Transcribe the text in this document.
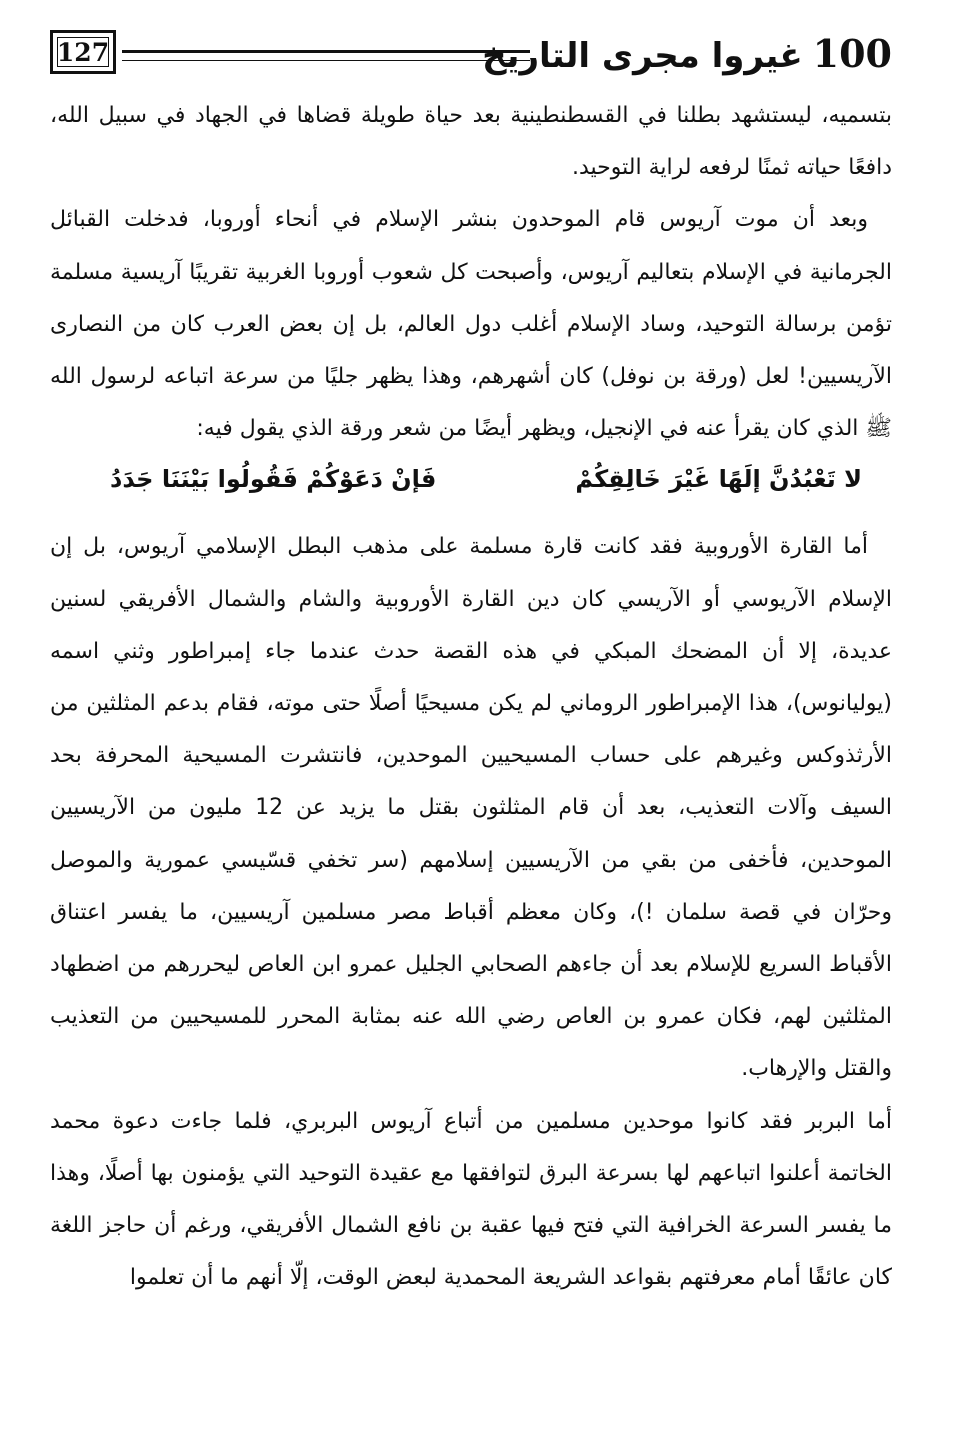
127	100غيروا مجرى التاريخ

بتسميه، ليستشهد بطلنا في القسطنطينية بعد حياة طويلة قضاها في الجهاد في سبيل الله، دافعًا حياته ثمنًا لرفعه لراية التوحيد.

وبعد أن موت آريوس قام الموحدون بنشر الإسلام في أنحاء أوروبا، فدخلت القبائل الجرمانية في الإسلام بتعاليم آريوس، وأصبحت كل شعوب أوروبا الغربية تقريبًا آريسية مسلمة تؤمن برسالة التوحيد، وساد الإسلام أغلب دول العالم، بل إن بعض العرب كان من النصارى الآريسيين! لعل (ورقة بن نوفل) كان أشهرهم، وهذا يظهر جليًا من سرعة اتباعه لرسول الله ﷺ الذي كان يقرأ عنه في الإنجيل، ويظهر أيضًا من شعر ورقة الذي يقول فيه:

لا تَعْبُدُنَّ إلَهًا غَيْرَ خَالِقِكُمْ
فَإنْ دَعَوْكُمْ فَقُولُوا بَيْنَنَا جَدَدُ

أما القارة الأوروبية فقد كانت قارة مسلمة على مذهب البطل الإسلامي آريوس، بل إن الإسلام الآريوسي أو الآريسي كان دين القارة الأوروبية والشام والشمال الأفريقي لسنين عديدة، إلا أن المضحك المبكي في هذه القصة حدث عندما جاء إمبراطور وثني اسمه (يوليانوس)، هذا الإمبراطور الروماني لم يكن مسيحيًا أصلًا حتى موته، فقام بدعم المثلثين من الأرثذوكس وغيرهم على حساب المسيحيين الموحدين، فانتشرت المسيحية المحرفة بحد السيف وآلات التعذيب، بعد أن قام المثلثون بقتل ما يزيد عن 12 مليون من الآريسيين الموحدين، فأخفى من بقي من الآريسيين إسلامهم (سر تخفي قسّيسي عمورية والموصل وحرّان في قصة سلمان !)، وكان معظم أقباط مصر مسلمين آريسيين، ما يفسر اعتناق الأقباط السريع للإسلام بعد أن جاءهم الصحابي الجليل عمرو ابن العاص ليحررهم من اضطهاد المثلثين لهم، فكان عمرو بن العاص رضي الله عنه بمثابة المحرر للمسيحيين من التعذيب والقتل والإرهاب.

أما البربر فقد كانوا موحدين مسلمين من أتباع آريوس البربري، فلما جاءت دعوة محمد الخاتمة أعلنوا اتباعهم لها بسرعة البرق لتوافقها مع عقيدة التوحيد التي يؤمنون بها أصلًا، وهذا ما يفسر السرعة الخرافية التي فتح فيها عقبة بن نافع الشمال الأفريقي، ورغم أن حاجز اللغة كان عائقًا أمام معرفتهم بقواعد الشريعة المحمدية لبعض الوقت، إلّا أنهم ما أن تعلموا
